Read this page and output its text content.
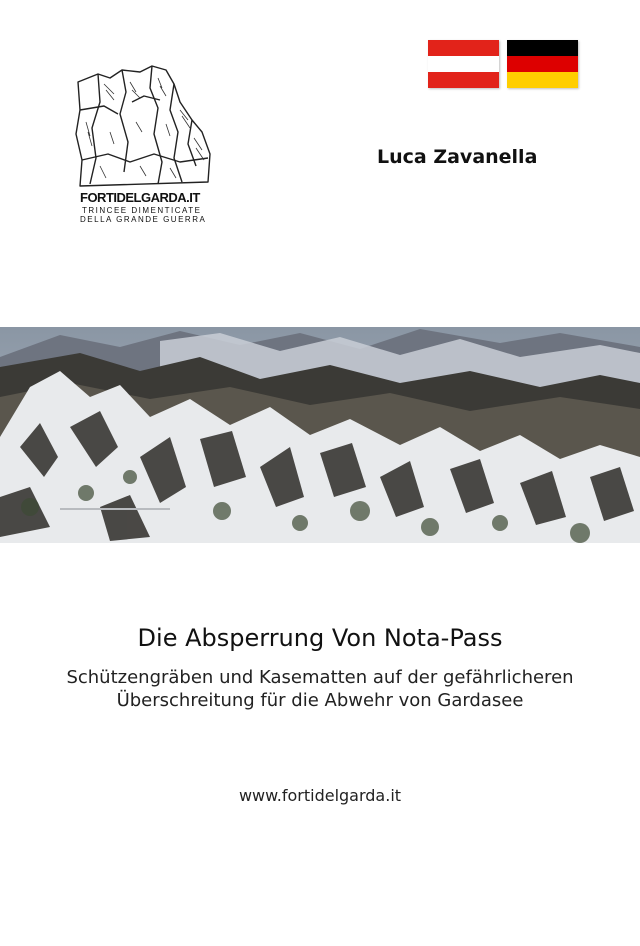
FORTIDELGARDA.IT
TRINCEE DIMENTICATE
DELLA GRANDE GUERRA
Luca Zavanella
Die Absperrung Von Nota-Pass
Schützengräben und Kasematten auf der gefährlicheren
Überschreitung für die Abwehr von Gardasee
www.fortidelgarda.it
